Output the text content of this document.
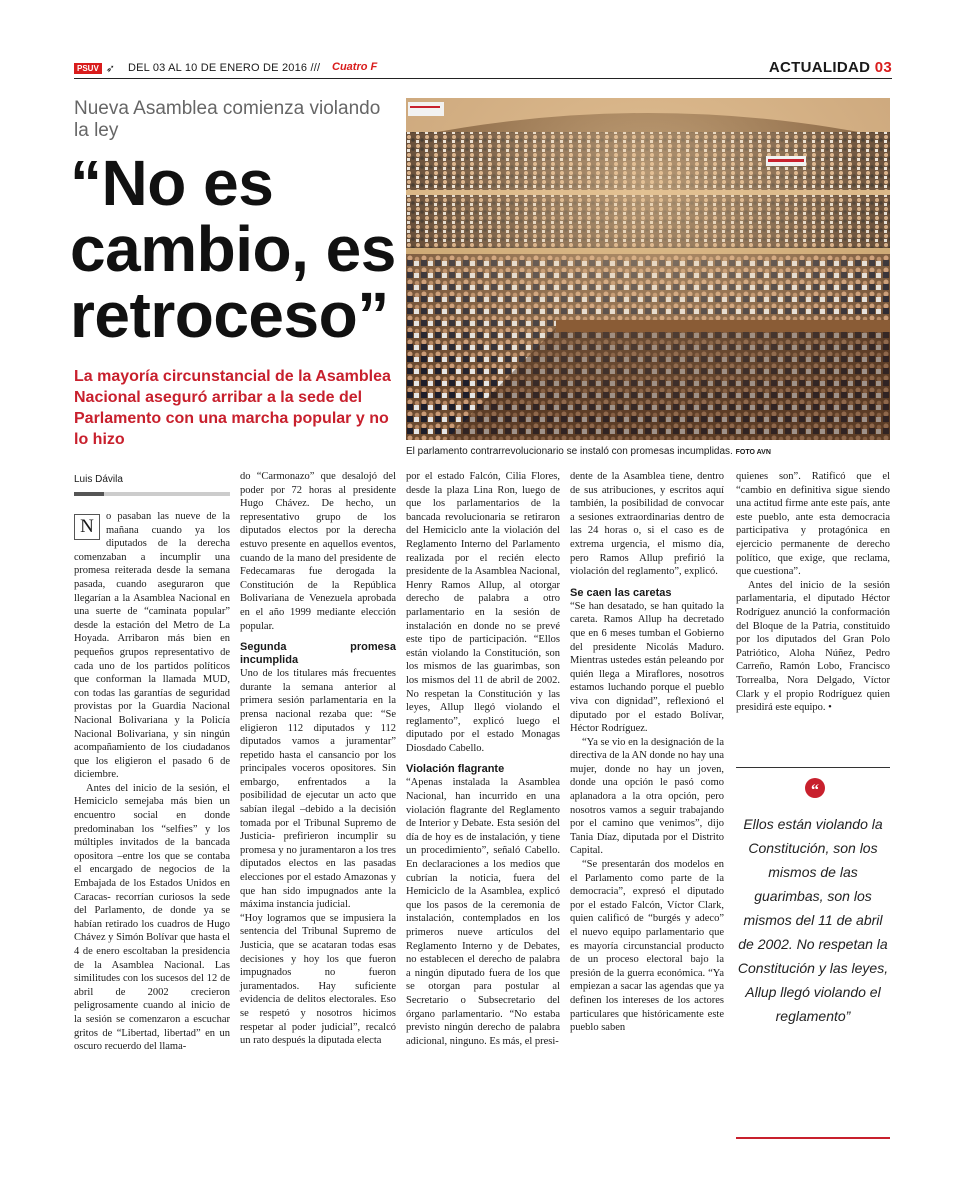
PSUV ➶ DEL 03 AL 10 DE ENERO DE 2016 /// Cuatro F	ACTUALIDAD 03
Nueva Asamblea comienza violando la ley
“No es cambio, es retroceso”
La mayoría circunstancial de la Asamblea Nacional aseguró arribar a la sede del Parlamento con una marcha popular y no lo hizo
El parlamento contrarrevolucionario se instaló con promesas incumplidas. FOTO AVN
Luis Dávila
N	o pasaban las nueve de la mañana cuando ya los diputados de la derecha comenzaban a incumplir una promesa reiterada desde la semana pasada, cuando aseguraron que llegarían a la Asamblea Nacional en una suerte de “caminata popular” desde la estación del Metro de La Hoyada. Arribaron más bien en pequeños grupos representativo de cada uno de los partidos políticos que conforman la llamada MUD, con todas las garantías de seguridad provistas por la Guardia Nacional Nacional Bolivariana y la Policía Nacional Bolivariana, y sin ningún acompañamiento de los ciudadanos que los eligieron el pasado 6 de diciembre.

Antes del inicio de la sesión, el Hemiciclo semejaba más bien un encuentro social en donde predominaban los “selfies” y los múltiples invitados de la bancada opositora –entre los que se contaba el encargado de negocios de la Embajada de los Estados Unidos en Caracas- recorrían curiosos la sede del Parlamento, de donde ya se habían retirado los cuadros de Hugo Chávez y Simón Bolívar que hasta el 4 de enero escoltaban la presidencia de la Asamblea Nacional. Las similitudes con los sucesos del 12 de abril de 2002 crecieron peligrosamente cuando al inicio de la sesión se comenzaron a escuchar gritos de “Libertad, libertad” en un oscuro recuerdo del llama-

do “Carmonazo” que desalojó del poder por 72 horas al presidente Hugo Chávez. De hecho, un representativo grupo de los diputados electos por la derecha estuvo presente en aquellos eventos, cuando de la mano del presidente de Fedecamaras fue derogada la Constitución de la República Bolivariana de Venezuela aprobada en el año 1999 mediante elección popular.

Segunda promesa incumplida

Uno de los titulares más frecuentes durante la semana anterior al primera sesión parlamentaria en la prensa nacional rezaba que: “Se eligieron 112 diputados y 112 diputados vamos a juramentar” repetido hasta el cansancio por los principales voceros opositores. Sin embargo, enfrentados a la posibilidad de ejecutar un acto que sabían ilegal –debido a la decisión tomada por el Tribunal Supremo de Justicia- prefirieron incumplir su promesa y no juramentaron a los tres diputados electos en las pasadas elecciones por el estado Amazonas y que han sido impugnados ante la máxima instancia judicial.

“Hoy logramos que se impusiera la sentencia del Tribunal Supremo de Justicia, que se acataran todas esas decisiones y hoy los que fueron impugnados no fueron juramentados. Hay suficiente evidencia de delitos electorales. Eso se respetó y nosotros hicimos respetar al poder judicial”, recalcó un rato después la diputada electa

por el estado Falcón, Cilia Flores, desde la plaza Lina Ron, luego de que los parlamentarios de la bancada revolucionaria se retiraron del Hemiciclo ante la violación del Reglamento Interno del Parlamento realizada por el recién electo presidente de la Asamblea Nacional, Henry Ramos Allup, al otorgar derecho de palabra a otro parlamentario en la sesión de instalación en donde no se prevé este tipo de participación. “Ellos están violando la Constitución, son los mismos de las guarimbas, son los mismos del 11 de abril de 2002. No respetan la Constitución y las leyes, Allup llegó violando el reglamento”, explicó luego el diputado por el estado Monagas Diosdado Cabello.

Violación flagrante

“Apenas instalada la Asamblea Nacional, han incurrido en una violación flagrante del Reglamento de Interior y Debate. Esta sesión del día de hoy es de instalación, y tiene un procedimiento”, señaló Cabello. En declaraciones a los medios que cubrían la noticia, fuera del Hemiciclo de la Asamblea, explicó que los pasos de la ceremonia de instalación, contemplados en los primeros nueve artículos del Reglamento Interno y de Debates, no establecen el derecho de palabra a ningún diputado fuera de los que se otorgan para postular al Secretario o Subsecretario del órgano parlamentario. “No estaba previsto ningún derecho de palabra adicional, ninguno. Es más, el presi-

dente de la Asamblea tiene, dentro de sus atribuciones, y escritos aquí también, la posibilidad de convocar a sesiones extraordinarias dentro de las 24 horas o, si el caso es de extrema urgencia, el mismo día, pero Ramos Allup prefirió la violación del reglamento”, explicó.

Se caen las caretas

“Se han desatado, se han quitado la careta. Ramos Allup ha decretado que en 6 meses tumban el Gobierno del presidente Nicolás Maduro. Mientras ustedes están peleando por quién llega a Miraflores, nosotros estamos luchando porque el pueblo viva con dignidad”, reflexionó el diputado por el estado Bolívar, Héctor Rodríguez.

“Ya se vio en la designación de la directiva de la AN donde no hay una mujer, donde no hay un joven, donde una opción le pasó como aplanadora a la otra opción, pero nosotros vamos a seguir trabajando por el camino que venimos”, dijo Tania Díaz, diputada por el Distrito Capital.

“Se presentarán dos modelos en el Parlamento como parte de la democracia”, expresó el diputado por el estado Falcón, Víctor Clark, quien calificó de “burgés y adeco” el nuevo equipo parlamentario que es mayoría circunstancial producto de un proceso electoral bajo la presión de la guerra económica. “Ya empiezan a sacar las agendas que ya definen los intereses de los actores particulares que históricamente este pueblo saben

quienes son”. Ratificó que el “cambio en definitiva sigue siendo una actitud firme ante este país, ante este pueblo, ante esta democracia participativa y protagónica en ejercicio permanente de derecho político, que exige, que reclama, que cuestiona”.

Antes del inicio de la sesión parlamentaria, el diputado Héctor Rodríguez anunció la conformación del Bloque de la Patria, constituido por los diputados del Gran Polo Patriótico, Aloha Núñez, Pedro Carreño, Ramón Lobo, Francisco Torrealba, Nora Delgado, Víctor Clark y el propio Rodríguez quien presidirá este equipo. •

“
Ellos están violando la Constitución, son los mismos de las guarimbas, son los mismos del 11 de abril de 2002. No respetan la Constitución y las leyes, Allup llegó violando el reglamento”
